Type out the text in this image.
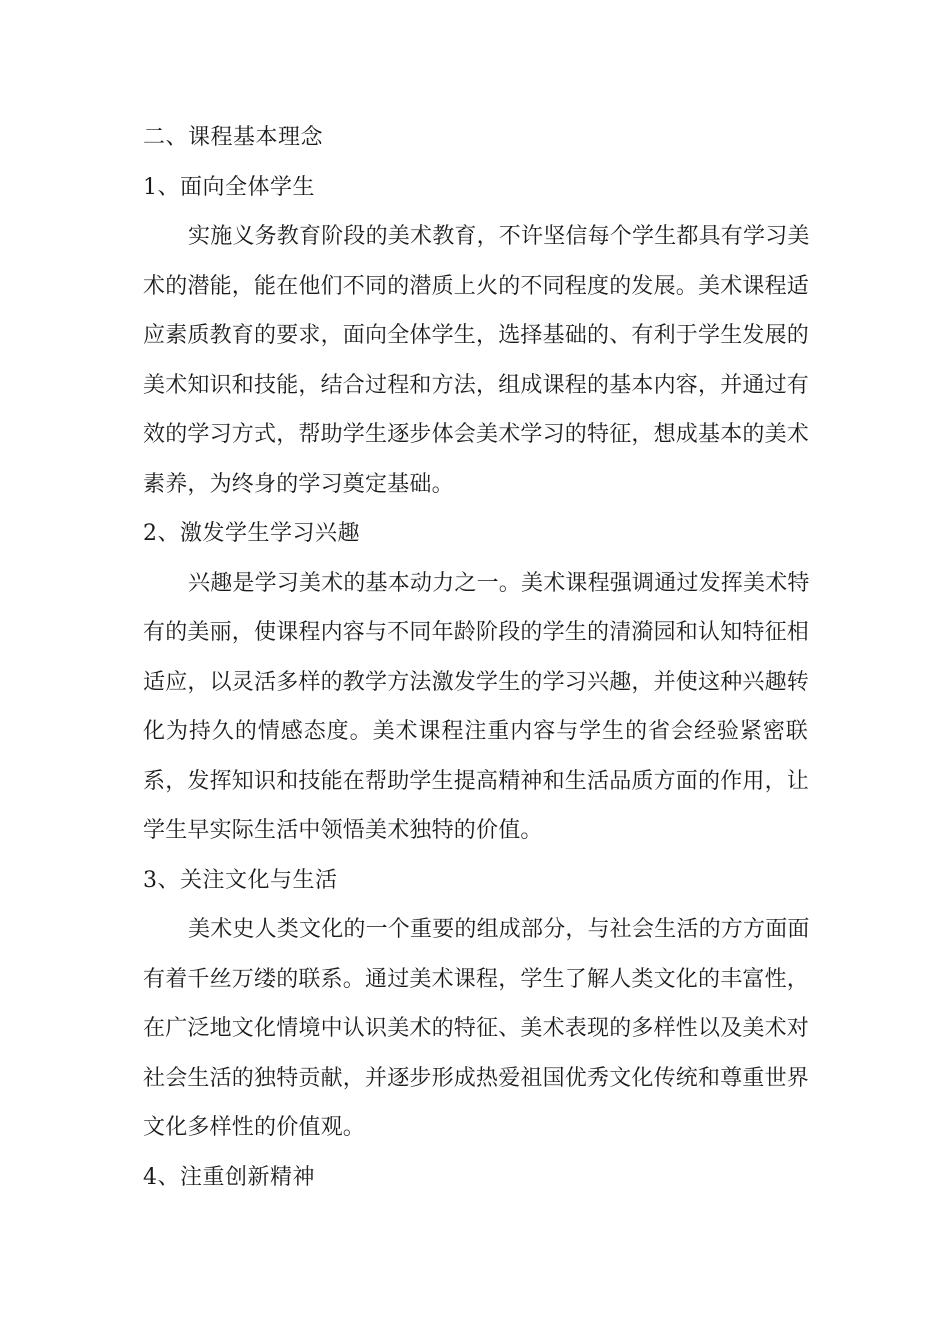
二、课程基本理念
1、面向全体学生
实施义务教育阶段的美术教育，不许坚信每个学生都具有学习美
术的潜能，能在他们不同的潜质上火的不同程度的发展。美术课程适
应素质教育的要求，面向全体学生，选择基础的、有利于学生发展的
美术知识和技能，结合过程和方法，组成课程的基本内容，并通过有
效的学习方式，帮助学生逐步体会美术学习的特征，想成基本的美术
素养，为终身的学习奠定基础。
2、激发学生学习兴趣
兴趣是学习美术的基本动力之一。美术课程强调通过发挥美术特
有的美丽，使课程内容与不同年龄阶段的学生的清漪园和认知特征相
适应，以灵活多样的教学方法激发学生的学习兴趣，并使这种兴趣转
化为持久的情感态度。美术课程注重内容与学生的省会经验紧密联
系，发挥知识和技能在帮助学生提高精神和生活品质方面的作用，让
学生早实际生活中领悟美术独特的价值。
3、关注文化与生活
美术史人类文化的一个重要的组成部分，与社会生活的方方面面
有着千丝万缕的联系。通过美术课程，学生了解人类文化的丰富性，
在广泛地文化情境中认识美术的特征、美术表现的多样性以及美术对
社会生活的独特贡献，并逐步形成热爱祖国优秀文化传统和尊重世界
文化多样性的价值观。
4、注重创新精神
